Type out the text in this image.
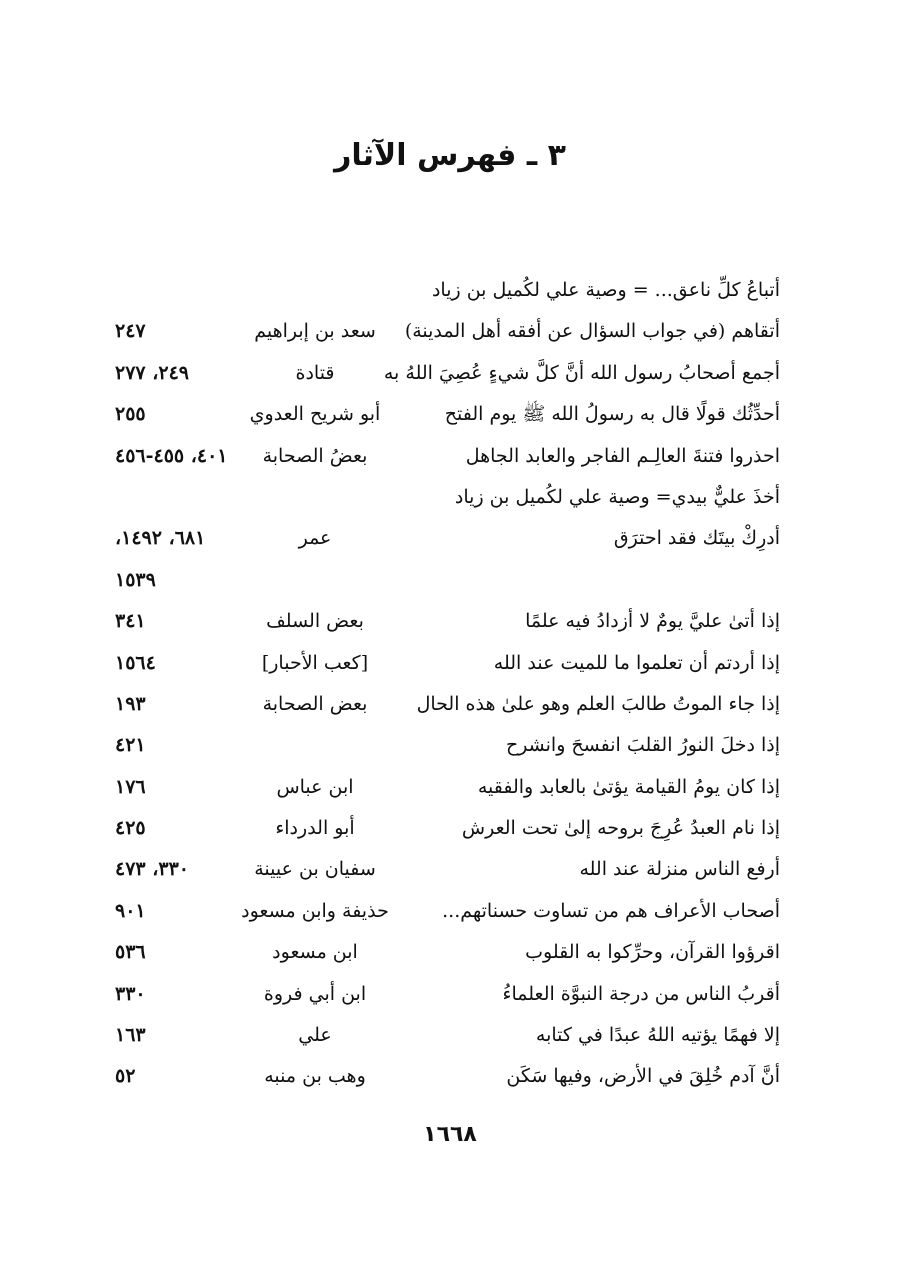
٣ ـ فهرس الآثار
أتباعُ كلِّ ناعق... = وصية علي لكُميل بن زياد
أتقاهم (في جواب السؤال عن أفقه أهل المدينة)
سعد بن إبراهيم
٢٤٧
أجمع أصحابُ رسول الله أنَّ كلَّ شيءٍ عُصِيَ اللهُ به
قتادة
٢٤٩، ٢٧٧
أحدِّثُك قولًا قال به رسولُ الله ﷺ يوم الفتح
أبو شريح العدوي
٢٥٥
احذروا فتنةَ العالِـم الفاجر والعابد الجاهل
بعضُ الصحابة
٤٠١، ٤٥٥-٤٥٦
أخذَ عليٌّ بيدي= وصية علي لكُميل بن زياد
أدرِكْ بيتَك فقد احترَق
عمر
٦٨١، ١٤٩٢،
١٥٣٩
إذا أتىٰ عليَّ يومٌ لا أزدادُ فيه علمًا
بعض السلف
٣٤١
إذا أردتم أن تعلموا ما للميت عند الله
[كعب الأحبار]
١٥٦٤
إذا جاء الموتُ طالبَ العلم وهو علىٰ هذه الحال
بعض الصحابة
١٩٣
إذا دخلَ النورُ القلبَ انفسحَ وانشرح
٤٢١
إذا كان يومُ القيامة يؤتىٰ بالعابد والفقيه
ابن عباس
١٧٦
إذا نام العبدُ عُرِجَ بروحه إلىٰ تحت العرش
أبو الدرداء
٤٢٥
أرفع الناس منزلة عند الله
سفيان بن عيينة
٣٣٠، ٤٧٣
أصحاب الأعراف هم من تساوت حسناتهم...
حذيفة وابن مسعود
٩٠١
اقرؤوا القرآن، وحرِّكوا به القلوب
ابن مسعود
٥٣٦
أقربُ الناس من درجة النبوَّة العلماءُ
ابن أبي فروة
٣٣٠
إلا فهمًا يؤتيه اللهُ عبدًا في كتابه
علي
١٦٣
أنَّ آدم خُلِقَ في الأرض، وفيها سَكَن
وهب بن منبه
٥٢
١٦٦٨
